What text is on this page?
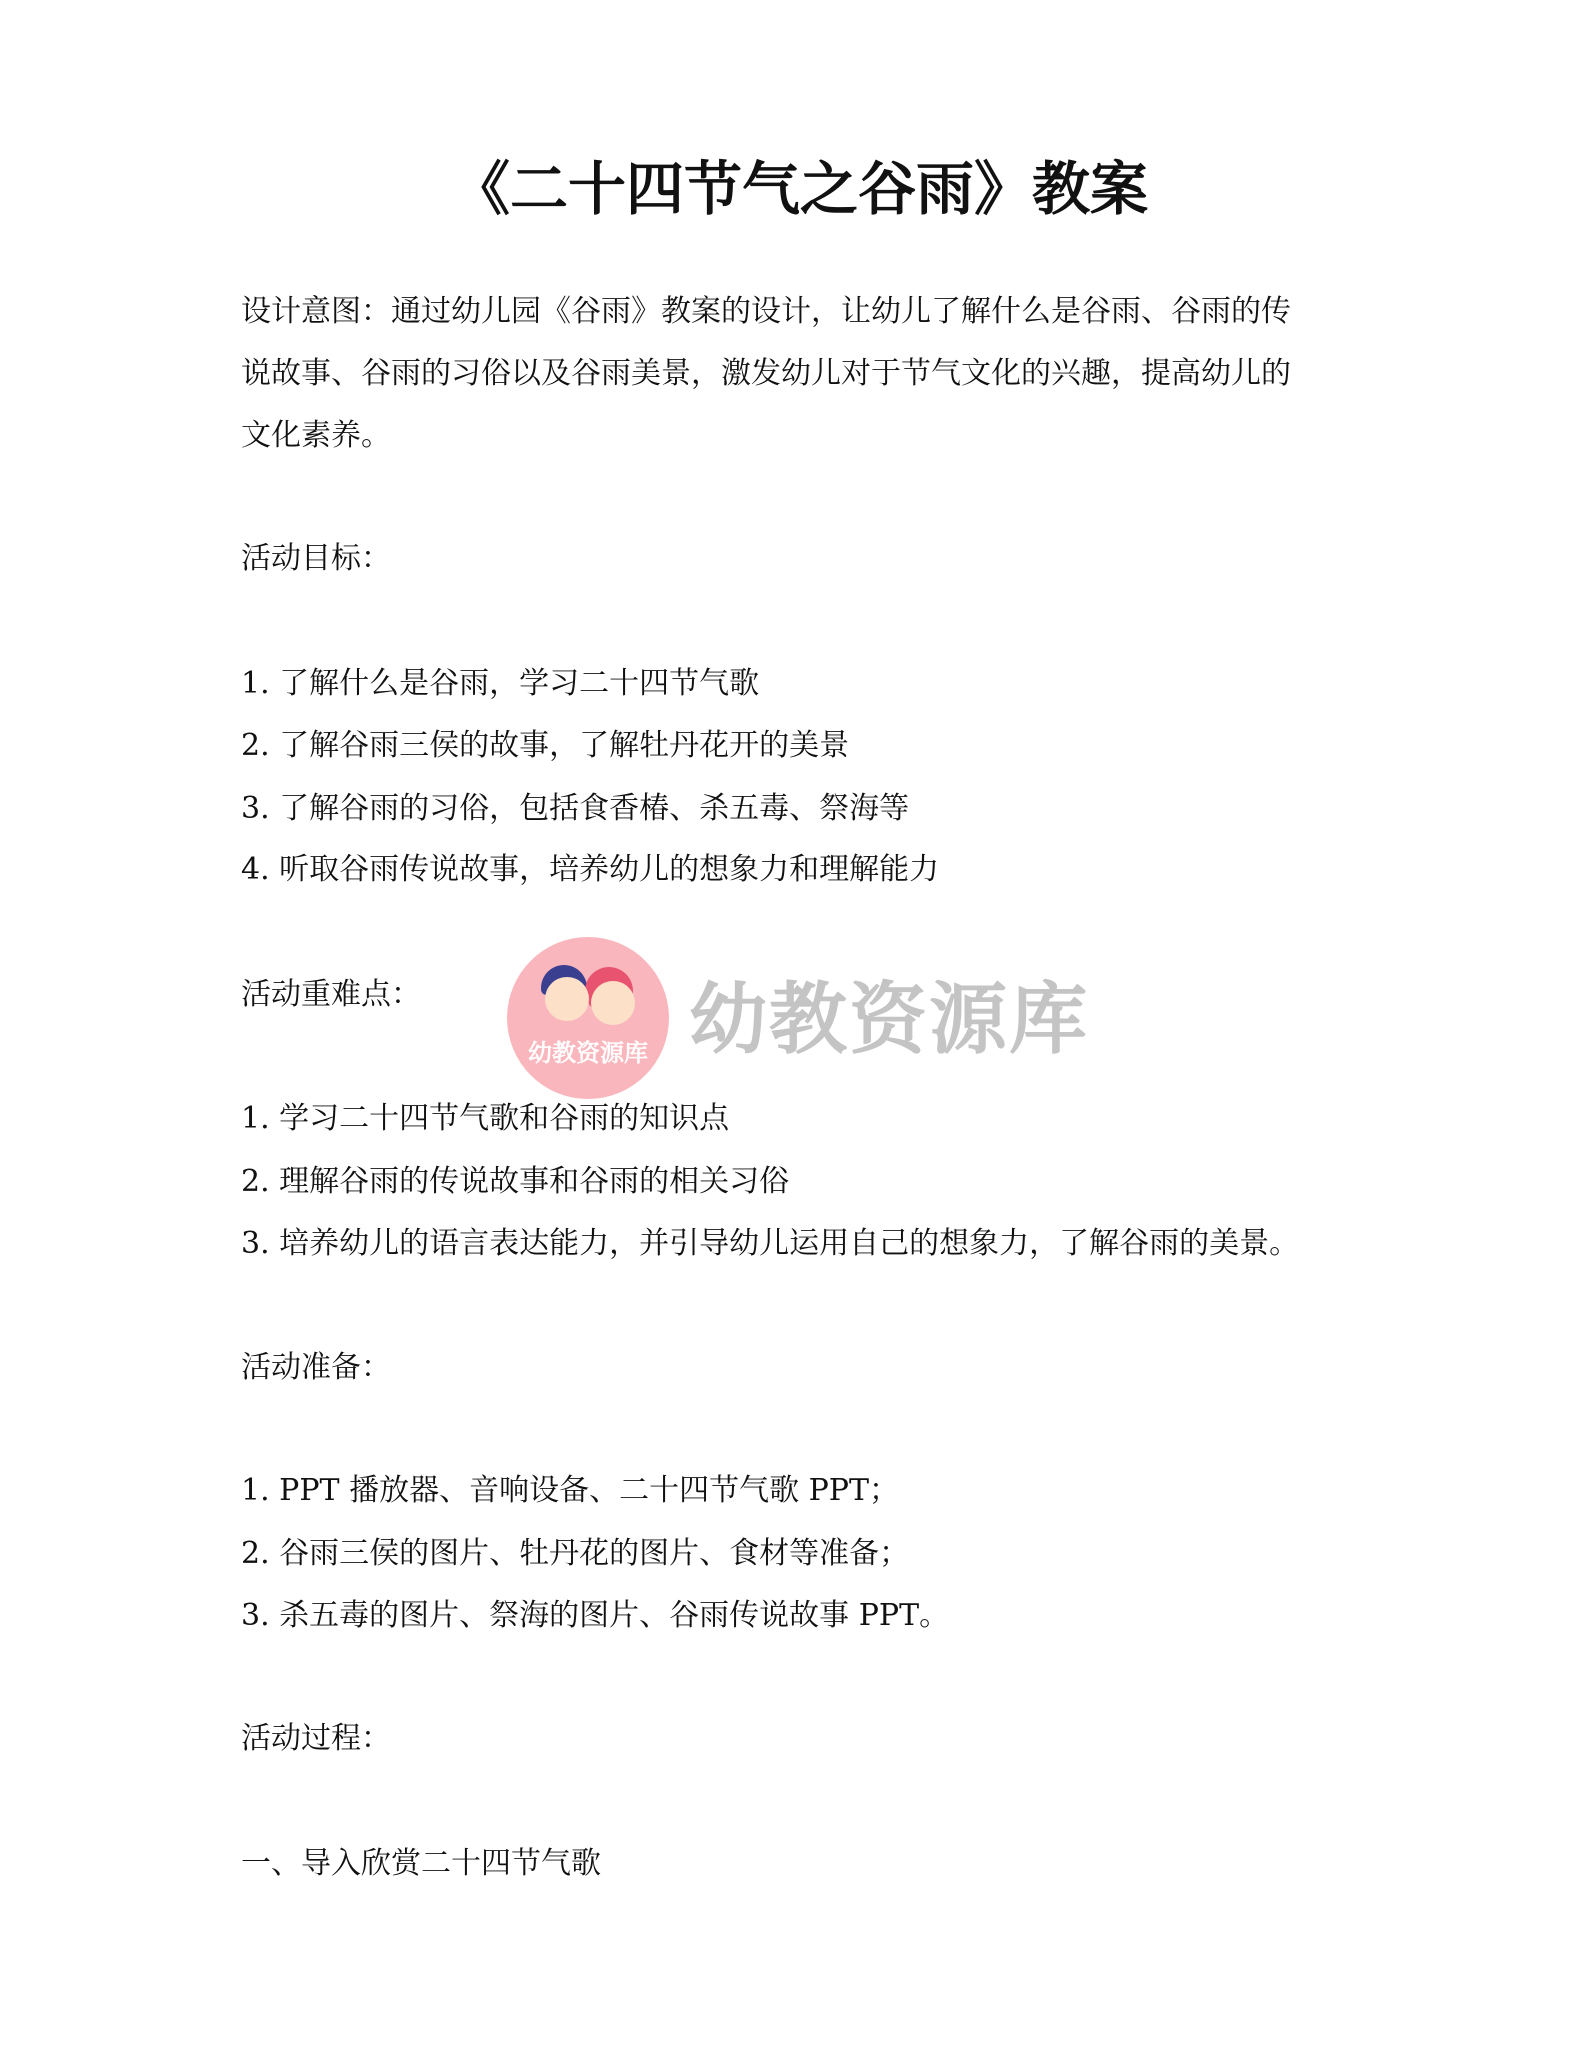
《二十四节气之谷雨》教案
设计意图：通过幼儿园《谷雨》教案的设计，让幼儿了解什么是谷雨、谷雨的传
说故事、谷雨的习俗以及谷雨美景，激发幼儿对于节气文化的兴趣，提高幼儿的
文化素养。
活动目标：
1. 了解什么是谷雨，学习二十四节气歌
2. 了解谷雨三侯的故事，了解牡丹花开的美景
3. 了解谷雨的习俗，包括食香椿、杀五毒、祭海等
4. 听取谷雨传说故事，培养幼儿的想象力和理解能力
活动重难点：
1. 学习二十四节气歌和谷雨的知识点
2. 理解谷雨的传说故事和谷雨的相关习俗
3. 培养幼儿的语言表达能力，并引导幼儿运用自己的想象力，了解谷雨的美景。
活动准备：
1. PPT 播放器、音响设备、二十四节气歌 PPT；
2. 谷雨三侯的图片、牡丹花的图片、食材等准备；
3. 杀五毒的图片、祭海的图片、谷雨传说故事 PPT。
活动过程：
一、导入欣赏二十四节气歌
幼教资源库 幼教资源库
